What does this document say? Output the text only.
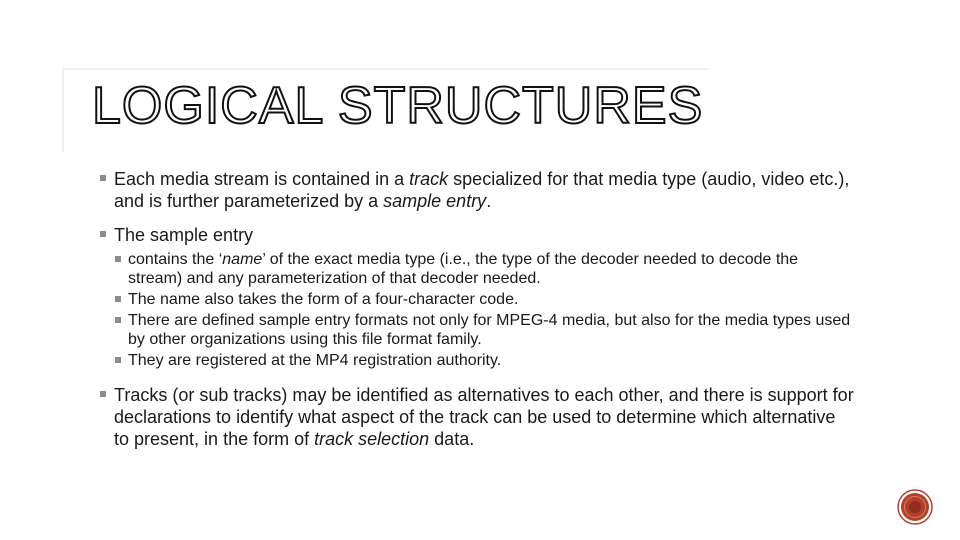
LOGICAL STRUCTURES
Each media stream is contained in a track specialized for that media type (audio, video etc.), and is further parameterized by a sample entry.
The sample entry
contains the ‘name’ of the exact media type (i.e., the type of the decoder needed to decode the stream) and any parameterization of that decoder needed.
The name also takes the form of a four-character code.
There are defined sample entry formats not only for MPEG-4 media, but also for the media types used by other organizations using this file format family.
They are registered at the MP4 registration authority.
Tracks (or sub tracks) may be identified as alternatives to each other, and there is support for declarations to identify what aspect of the track can be used to determine which alternative to present, in the form of track selection data.
